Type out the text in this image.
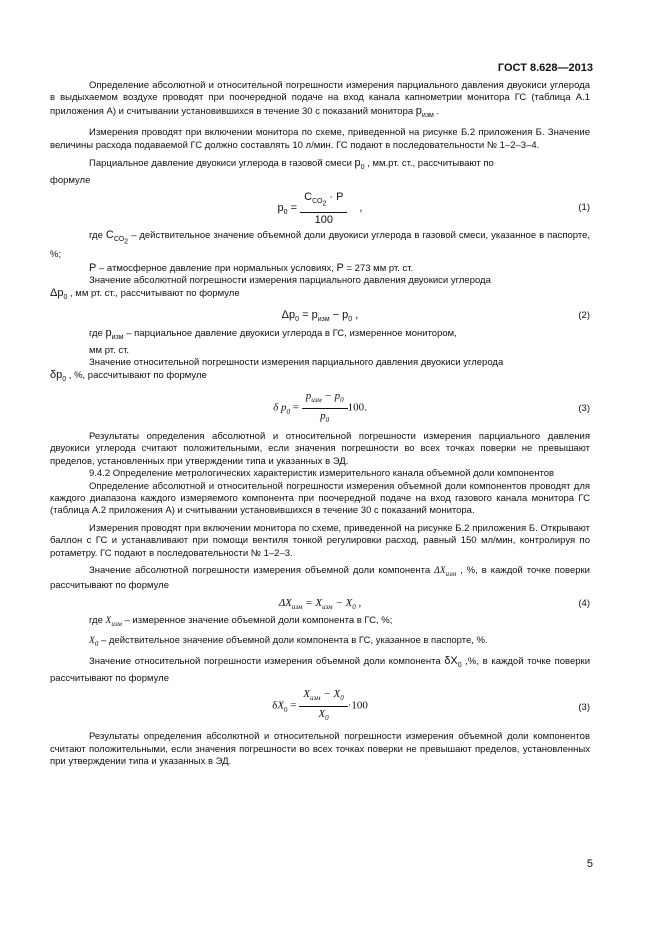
ГОСТ 8.628—2013

Определение абсолютной и относительной погрешности измерения парциального давления двуокиси углерода в выдыхаемом воздухе проводят при поочередной подаче на вход канала капнометрии монитора ГС (таблица А.1 приложения А) и считывании установившихся в течение 30 с показаний монитора $р_{изм}$ .

Измерения проводят при включении монитора по схеме, приведенной на рисунке Б.2 приложения Б. Значение величины расхода подаваемой ГС должно составлять 10 л/мин. ГС подают в последовательности № 1–2–3–4.

Парциальное давление двуокиси углерода в газовой смеси $р_0$ , мм.рт. ст., рассчитывают по

формуле

$р_0 = \frac{С_{СО_2} \cdot Р}{100}$ ,	(1)

где $С_{СО_2}$ – действительное значение объемной доли двуокиси углерода в газовой смеси, указанное в паспорте, %;

Р – атмосферное давление при нормальных условиях, Р = 273 мм рт. ст.

Значение абсолютной погрешности измерения парциального давления двуокиси углерода

$\Delta р_0$ , мм рт. ст., рассчитывают по формуле

$\Delta р_0 = р_{изм} - р_0$ ,	(2)

где $р_{изм}$ – парциальное давление двуокиси углерода в ГС, измеренное монитором,

мм рт. ст.

Значение относительной погрешности измерения парциального давления двуокиси углерода

$\delta р_0$ , %, рассчитывают по формуле

δ $p_0 = \frac{p_{изм} - p_0}{p_0} 100$.	(3)

Результаты определения абсолютной и относительной погрешности измерения парциального давления двуокиси углерода считают положительными, если значения погрешности во всех точках поверки не превышают пределов, установленных при утверждении типа и указанных в ЭД.

9.4.2 Определение метрологических характеристик измерительного канала объемной доли компонентов

Определение абсолютной и относительной погрешности измерения объемной доли компонентов проводят для каждого диапазона каждого измеряемого компонента при поочередной подаче на вход газового канала монитора ГС (таблица А.2 приложения А) и считывании установившихся в течение 30 с показаний монитора.

Измерения проводят при включении монитора по схеме, приведенной на рисунке Б.2 приложения Б. Открывают баллон с ГС и устанавливают при помощи вентиля тонкой регулировки расход, равный 150 мл/мин, контролируя по ротаметру. ГС подают в последовательности № 1–2–3.

Значение абсолютной погрешности измерения объемной доли компонента $\Delta X_{изм}$ , %, в каждой точке поверки рассчитывают по формуле

$\Delta X_{изм} = X_{изм} - X_0$ ,	(4)

где $X_{изм}$ – измеренное значение объемной доли компонента в ГС, %;

$X_0$ – действительное значение объемной доли компонента в ГС, указанное в паспорте, %.

Значение относительной погрешности измерения объемной доли компонента $\delta X_0$ ,%, в каждой точке поверки рассчитывают по формуле

$\delta X_0 = \frac{X_{изм} - X_0}{X_0} \cdot 100$	(3)

Результаты определения абсолютной и относительной погрешности измерения объемной доли компонентов считают положительными, если значения погрешности во всех точках поверки не превышают пределов, установленных при утверждении типа и указанных в ЭД.

5
